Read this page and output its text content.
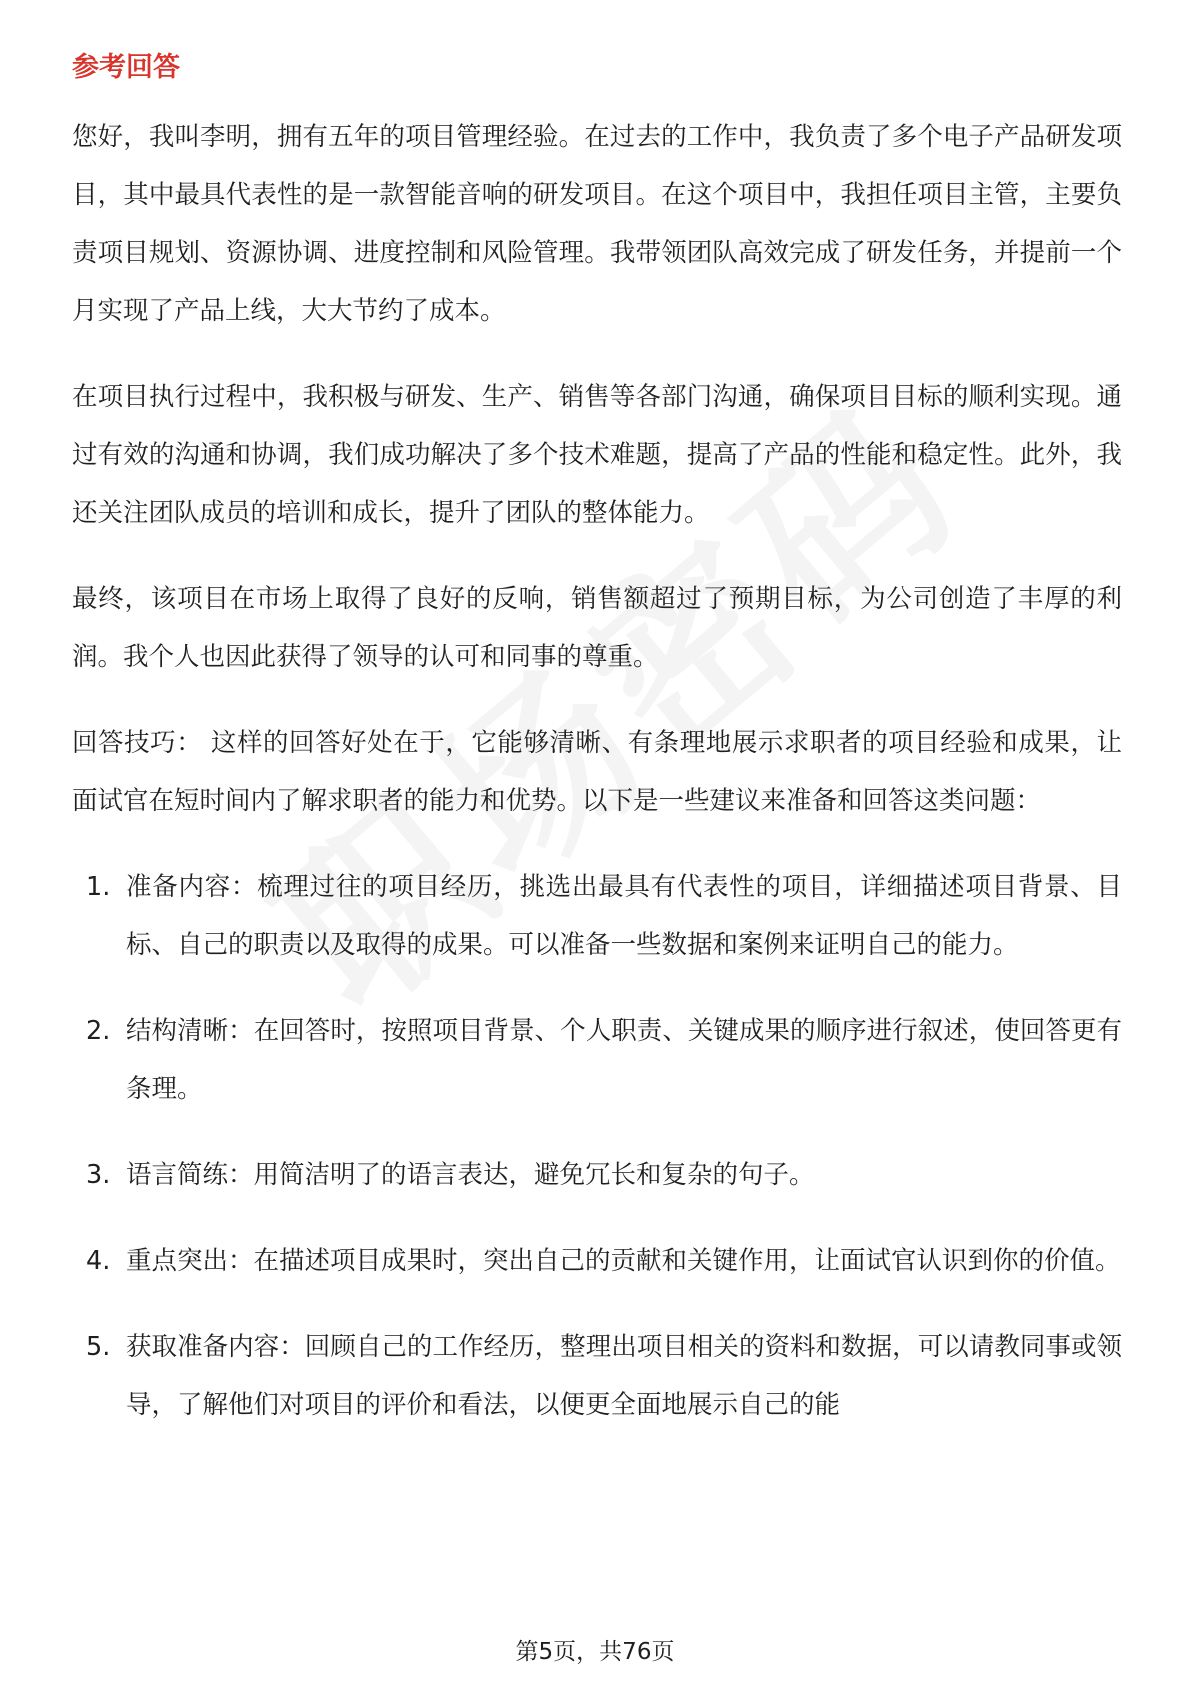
参考回答

您好，我叫李明，拥有五年的项目管理经验。在过去的工作中，我负责了多个电子产品研发项目，其中最具代表性的是一款智能音响的研发项目。在这个项目中，我担任项目主管，主要负责项目规划、资源协调、进度控制和风险管理。我带领团队高效完成了研发任务，并提前一个月实现了产品上线，大大节约了成本。

在项目执行过程中，我积极与研发、生产、销售等各部门沟通，确保项目目标的顺利实现。通过有效的沟通和协调，我们成功解决了多个技术难题，提高了产品的性能和稳定性。此外，我还关注团队成员的培训和成长，提升了团队的整体能力。

最终，该项目在市场上取得了良好的反响，销售额超过了预期目标，为公司创造了丰厚的利润。我个人也因此获得了领导的认可和同事的尊重。

回答技巧： 这样的回答好处在于，它能够清晰、有条理地展示求职者的项目经验和成果，让面试官在短时间内了解求职者的能力和优势。以下是一些建议来准备和回答这类问题：

1. 准备内容：梳理过往的项目经历，挑选出最具有代表性的项目，详细描述项目背景、目标、自己的职责以及取得的成果。可以准备一些数据和案例来证明自己的能力。
2. 结构清晰：在回答时，按照项目背景、个人职责、关键成果的顺序进行叙述，使回答更有条理。
3. 语言简练：用简洁明了的语言表达，避免冗长和复杂的句子。
4. 重点突出：在描述项目成果时，突出自己的贡献和关键作用，让面试官认识到你的价值。
5. 获取准备内容：回顾自己的工作经历，整理出项目相关的资料和数据，可以请教同事或领导，了解他们对项目的评价和看法，以便更全面地展示自己的能
第5页，共76页
